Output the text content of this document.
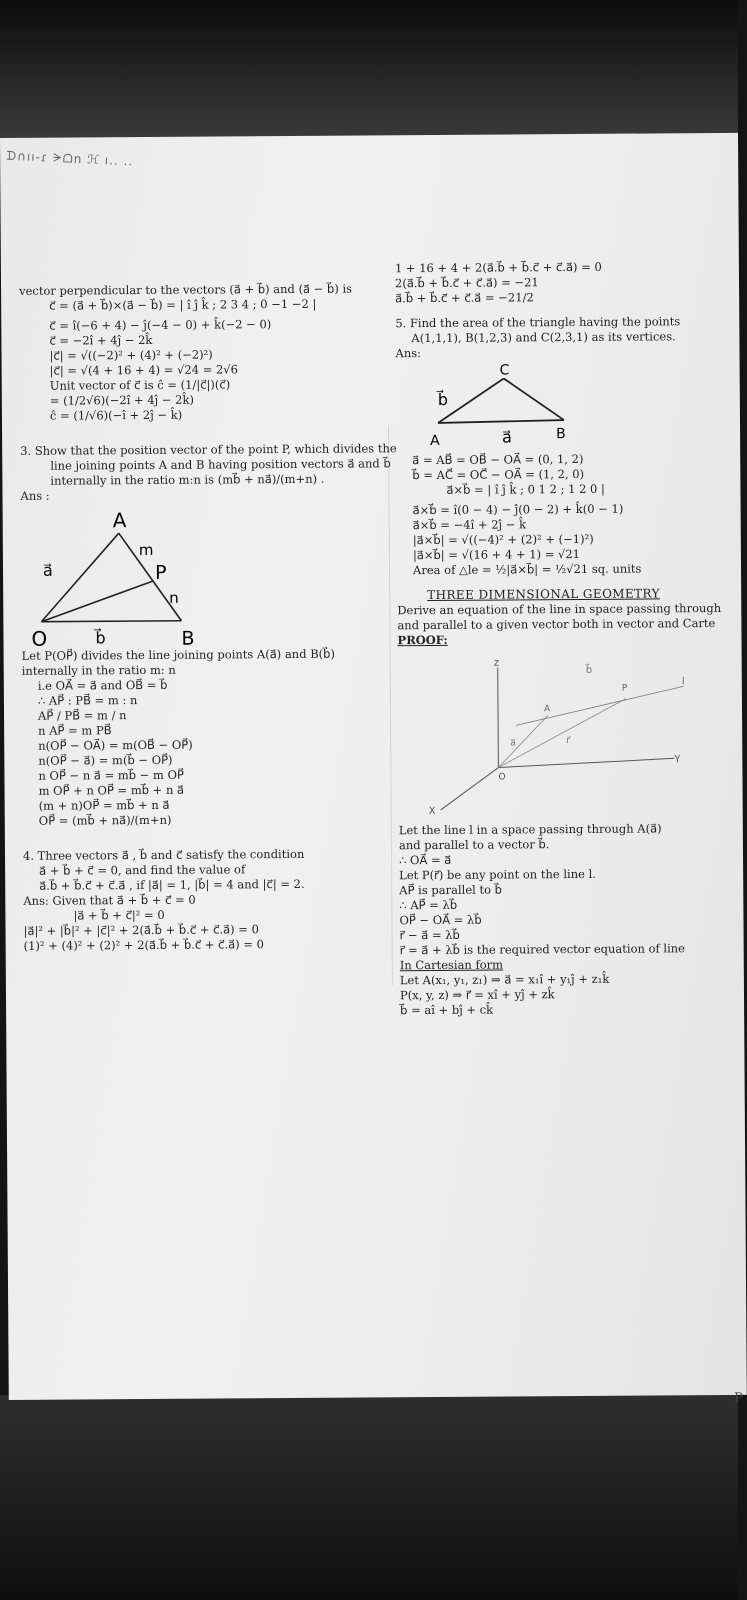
ᗪ∩ıı-ɾ ᗒᗝn ℋ ı.. ..
vector perpendicular to the vectors (a⃗ + b⃗) and (a⃗ − b⃗) is
c⃗ = (a⃗ + b⃗)×(a⃗ − b⃗) = | î ĵ k̂ ; 2 3 4 ; 0 −1 −2 |
c⃗ = î(−6 + 4) − ĵ(−4 − 0) + k̂(−2 − 0)
c⃗ = −2î + 4ĵ − 2k̂
|c⃗| = √((−2)² + (4)² + (−2)²)
|c⃗| = √(4 + 16 + 4) = √24 = 2√6
Unit vector of c⃗ is ĉ = (1/|c⃗|)(c⃗)
= (1/2√6)(−2î + 4ĵ − 2k̂)
ĉ = (1/√6)(−î + 2ĵ − k̂)
3. Show that the position vector of the point P, which divides the
line joining points A and B having position vectors a⃗ and b⃗
internally in the ratio m:n is (mb⃗ + na⃗)/(m+n) .
Ans :
A
m
P
n
O	B
a⃗
b⃗
Let P(OP⃗) divides the line joining points A(a⃗) and B(b⃗)
internally in the ratio m: n
i.e OA⃗ = a⃗ and OB⃗ = b⃗
∴ AP⃗ : PB⃗ = m : n
AP⃗ / PB⃗ = m / n
n AP⃗ = m PB⃗
n(OP⃗ − OA⃗) = m(OB⃗ − OP⃗)
n(OP⃗ − a⃗) = m(b⃗ − OP⃗)
n OP⃗ − n a⃗ = mb⃗ − m OP⃗
m OP⃗ + n OP⃗ = mb⃗ + n a⃗
(m + n)OP⃗ = mb⃗ + n a⃗
OP⃗ = (mb⃗ + na⃗)/(m+n)
4. Three vectors a⃗ , b⃗ and c⃗ satisfy the condition
a⃗ + b⃗ + c⃗ = 0, and find the value of
a⃗.b⃗ + b⃗.c⃗ + c⃗.a⃗ , if |a⃗| = 1, |b⃗| = 4 and |c⃗| = 2.
Ans: Given that a⃗ + b⃗ + c⃗ = 0
|a⃗ + b⃗ + c⃗|² = 0
|a⃗|² + |b⃗|² + |c⃗|² + 2(a⃗.b⃗ + b⃗.c⃗ + c⃗.a⃗) = 0
(1)² + (4)² + (2)² + 2(a⃗.b⃗ + b⃗.c⃗ + c⃗.a⃗) = 0
1 + 16 + 4 + 2(a⃗.b⃗ + b⃗.c⃗ + c⃗.a⃗) = 0
2(a⃗.b⃗ + b⃗.c⃗ + c⃗.a⃗) = −21
a⃗.b⃗ + b⃗.c⃗ + c⃗.a⃗ = −21/2
5. Find the area of the triangle having the points
A(1,1,1), B(1,2,3) and C(2,3,1) as its vertices.
Ans:
C
A	B
b⃗
a⃗
a⃗ = AB⃗ = OB⃗ − OA⃗ = (0, 1, 2)
b⃗ = AC⃗ = OC⃗ − OA⃗ = (1, 2, 0)
a⃗×b⃗ = | î ĵ k̂ ; 0 1 2 ; 1 2 0 |
a⃗×b⃗ = î(0 − 4) − ĵ(0 − 2) + k̂(0 − 1)
a⃗×b⃗ = −4î + 2ĵ − k̂
|a⃗×b⃗| = √((−4)² + (2)² + (−1)²)
|a⃗×b⃗| = √(16 + 4 + 1) = √21
Area of △le = ½|a⃗×b⃗| = ½√21 sq. units
THREE DIMENSIONAL GEOMETRY
Derive an equation of the line in space passing through
and parallel to a given vector both in vector and Carte
PROOF:
z
Y
X
O
b⃗
P
l
A
a⃗	r⃗
Let the line l in a space passing through A(a⃗)
and parallel to a vector b⃗.
∴ OA⃗ = a⃗
Let P(r⃗) be any point on the line l.
AP⃗ is parallel to b⃗
∴ AP⃗ = λb⃗
OP⃗ − OA⃗ = λb⃗
r⃗ − a⃗ = λb⃗
r⃗ = a⃗ + λb⃗ is the required vector equation of line
In Cartesian form
Let A(x₁, y₁, z₁) ⇒ a⃗ = x₁î + y₁ĵ + z₁k̂
P(x, y, z) ⇒ r⃗ = xî + yĵ + zk̂
b⃗ = aî + bĵ + ck̂
P
